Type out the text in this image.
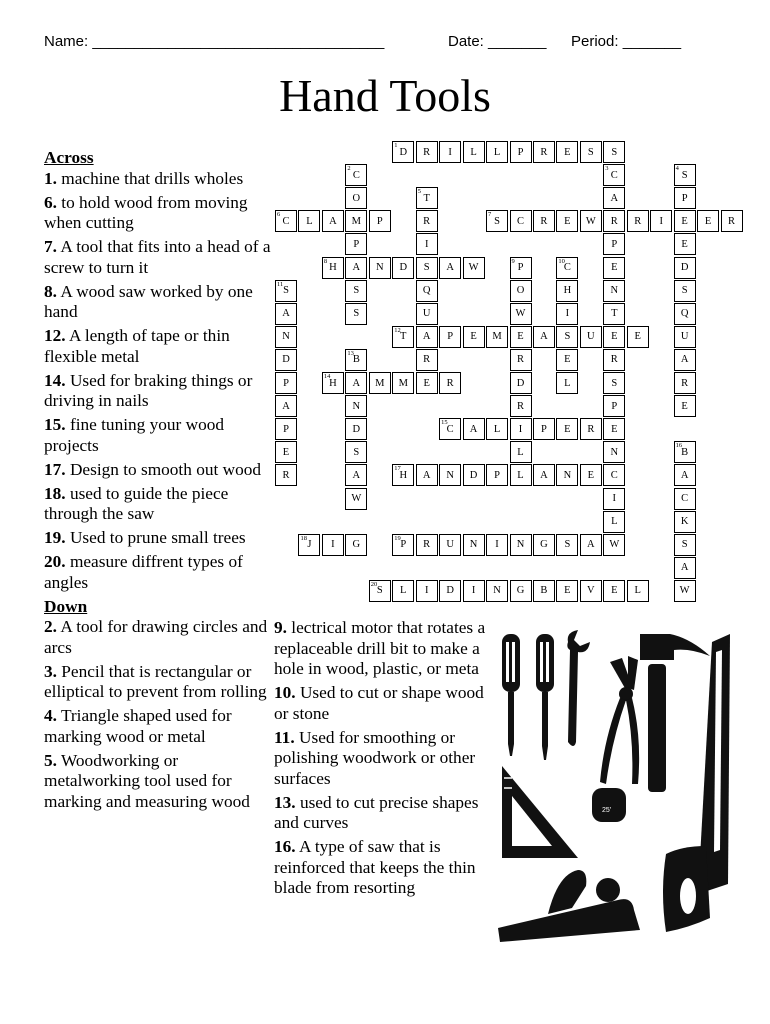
Name: ___________________________________	Date: _______ Period: _______
Hand Tools
1
D R I L L P R E S S
2
C
O
M
P
A
S
S
3
C
A
R
P
E
N
T
E
R
S
P
E
N
C
I
L
4
S
P
E
E
D
S
Q
U
A
R
E
5
T
R
I
S
Q
U
A
R
E
6
C L A	P
7
S C R E W	R I	E R
8
H	N D	A W
9
P
O
W
E
R
D
R
I
L
L
10
C
H
I
S
E
L
11
S
A
N
D
P
A
P
E
R
12
T	P E M	A	U	E
13
B
A
N
D
S
A
W
14
H	M M	R
15
C A L	P E R
16
B
A
C
K
S
A
W
17
H A N D P	A N E
18
J I G
19
P R U N I N G S A W
20
S L I D I N G B E V E L
Across
1. machine that drills wholes
6. to hold wood from moving when cutting
7. A tool that fits into a head of a screw to turn it
8. A wood saw worked by one hand
12. A length of tape or thin flexible metal
14. Used for braking things or driving in nails
15. fine tuning your wood projects
17. Design to smooth out wood
18. used to guide the piece through the saw
19. Used to prune small trees
20. measure diffrent types of angles
Down
2. A tool for drawing circles and arcs
3. Pencil that is rectangular or elliptical to prevent from rolling
4. Triangle shaped used for marking wood or metal
5. Woodworking or metalworking tool used for marking and measuring wood
9. lectrical motor that rotates a replaceable drill bit to make a hole in wood, plastic, or meta
10. Used to cut or shape wood or stone
11. Used for smoothing or polishing woodwork or other surfaces
13. used to cut precise shapes and curves
16. A type of saw that is reinforced that keeps the thin blade from resorting
25'
